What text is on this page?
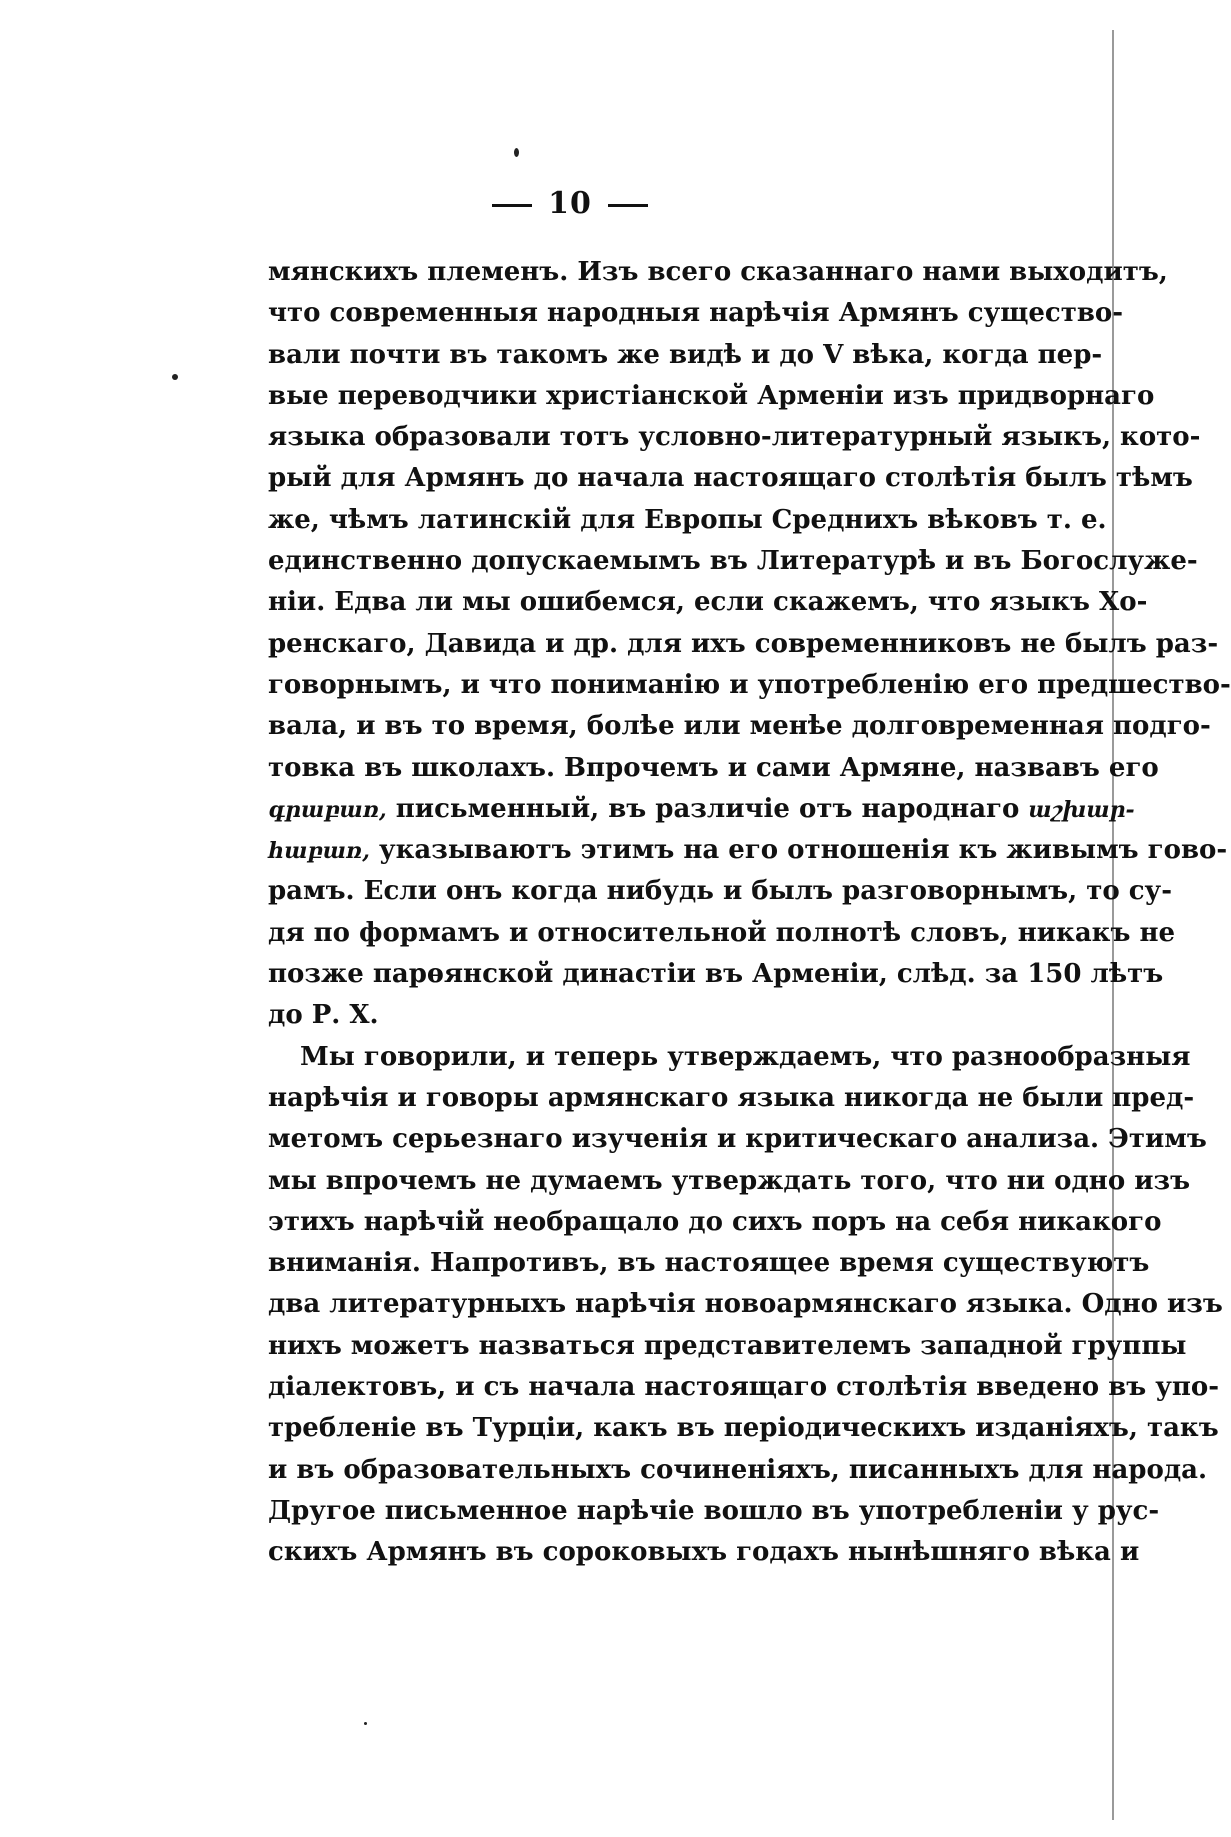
10
мянскихъ племенъ. Изъ всего сказаннаго нами выходитъ,
что современныя народныя нарѣчія Армянъ существо-
вали почти въ такомъ же видѣ и до V вѣка, когда пер-
вые переводчики христіанской Арменіи изъ придворнаго
языка образовали тотъ условно-литературный языкъ, кото-
рый для Армянъ до начала настоящаго столѣтія былъ тѣмъ
же, чѣмъ латинскій для Европы Среднихъ вѣковъ т. е.
единственно допускаемымъ въ Литературѣ и въ Богослуже-
ніи. Едва ли мы ошибемся, если скажемъ, что языкъ Хо-
ренскаго, Давида и др. для ихъ современниковъ не былъ раз-
говорнымъ, и что пониманію и употребленію его предшество-
вала, и въ то время, болѣе или менѣе долговременная подго-
товка въ школахъ. Впрочемъ и сами Армяне, назвавъ его
գրաբառ, письменный, въ различіе отъ народнаго աշխար-
հաբառ, указываютъ этимъ на его отношенія къ живымъ гово-
рамъ. Если онъ когда нибудь и былъ разговорнымъ, то су-
дя по формамъ и относительной полнотѣ словъ, никакъ не
позже парѳянской династіи въ Арменіи, слѣд. за 150 лѣтъ
до Р. Х.
Мы говорили, и теперь утверждаемъ, что разнообразныя
нарѣчія и говоры армянскаго языка никогда не были пред-
метомъ серьезнаго изученія и критическаго анализа. Этимъ
мы впрочемъ не думаемъ утверждать того, что ни одно изъ
этихъ нарѣчій необращало до сихъ поръ на себя никакого
вниманія. Напротивъ, въ настоящее время существуютъ
два литературныхъ нарѣчія новоармянскаго языка. Одно изъ
нихъ можетъ назваться представителемъ западной группы
діалектовъ, и съ начала настоящаго столѣтія введено въ упо-
требленіе въ Турціи, какъ въ періодическихъ изданіяхъ, такъ
и въ образовательныхъ сочиненіяхъ, писанныхъ для народа.
Другое письменное нарѣчіе вошло въ употребленіи у рус-
скихъ Армянъ въ сороковыхъ годахъ нынѣшняго вѣка и
